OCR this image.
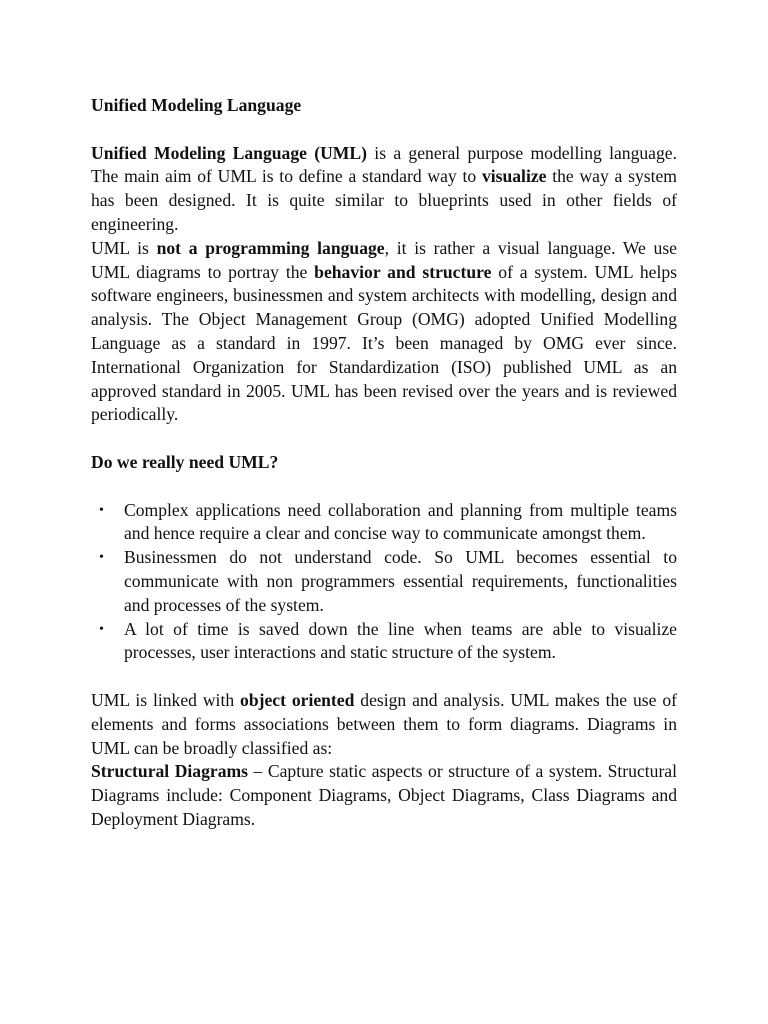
Unified Modeling Language

Unified Modeling Language (UML) is a general purpose modelling language. The main aim of UML is to define a standard way to visualize the way a system has been designed. It is quite similar to blueprints used in other fields of engineering.

UML is not a programming language, it is rather a visual language. We use UML diagrams to portray the behavior and structure of a system. UML helps software engineers, businessmen and system architects with modelling, design and analysis. The Object Management Group (OMG) adopted Unified Modelling Language as a standard in 1997. It’s been managed by OMG ever since. International Organization for Standardization (ISO) published UML as an approved standard in 2005. UML has been revised over the years and is reviewed periodically.

Do we really need UML?

• Complex applications need collaboration and planning from multiple teams and hence require a clear and concise way to communicate amongst them.
• Businessmen do not understand code. So UML becomes essential to communicate with non programmers essential requirements, functionalities and processes of the system.
• A lot of time is saved down the line when teams are able to visualize processes, user interactions and static structure of the system.

UML is linked with object oriented design and analysis. UML makes the use of elements and forms associations between them to form diagrams. Diagrams in UML can be broadly classified as:

Structural Diagrams – Capture static aspects or structure of a system. Structural Diagrams include: Component Diagrams, Object Diagrams, Class Diagrams and Deployment Diagrams.
